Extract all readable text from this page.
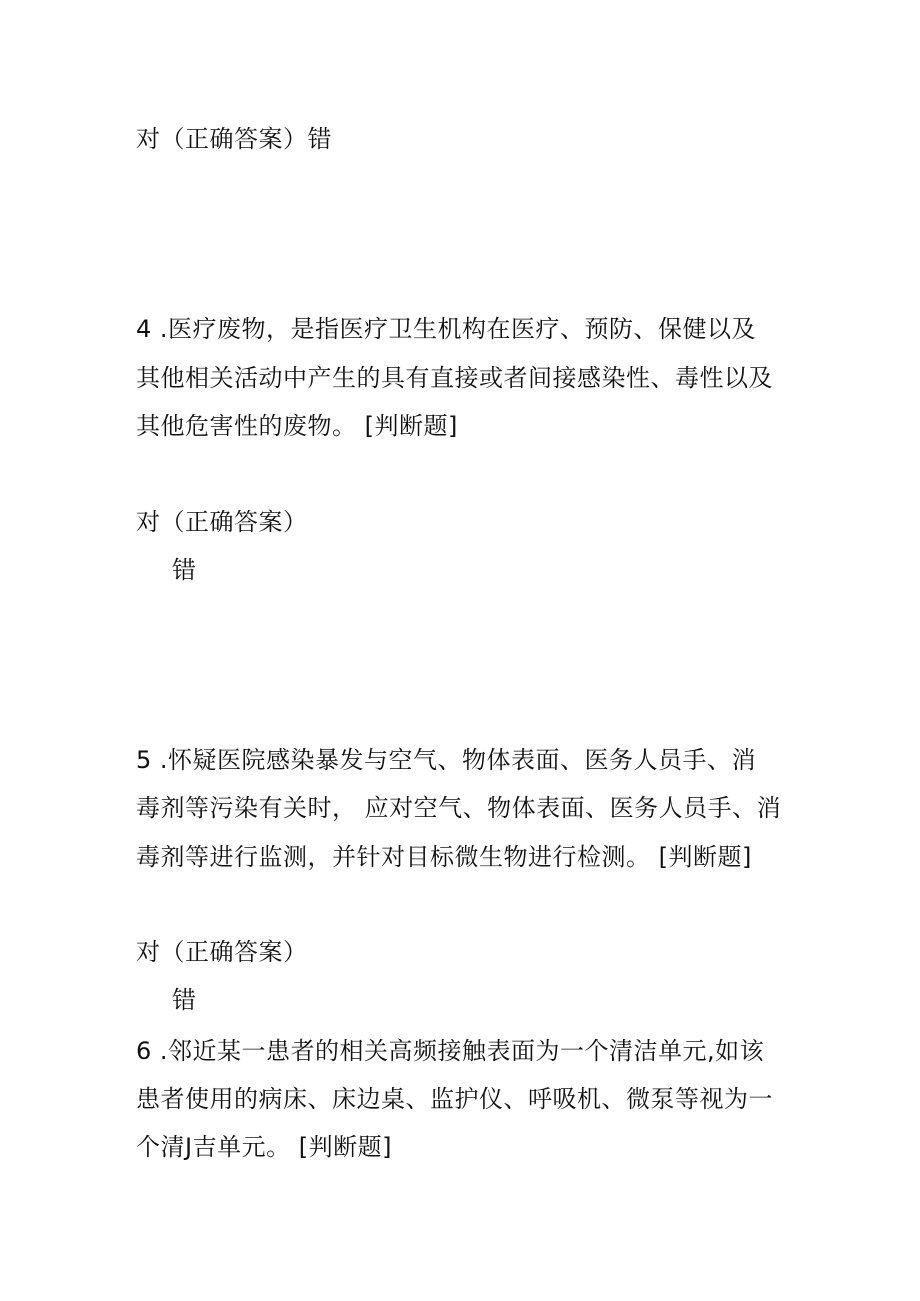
对（正确答案）错
4 .医疗废物，是指医疗卫生机构在医疗、预防、保健以及
其他相关活动中产生的具有直接或者间接感染性、毒性以及
其他危害性的废物。 [判断题]
对（正确答案）
错
5 .怀疑医院感染暴发与空气、物体表面、医务人员手、消
毒剂等污染有关时， 应对空气、物体表面、医务人员手、消
毒剂等进行监测，并针对目标微生物进行检测。 [判断题]
对（正确答案）
错
6 .邻近某一患者的相关高频接触表面为一个清洁单元,如该
患者使用的病床、床边桌、监护仪、呼吸机、微泵等视为一
个清J吉单元。 [判断题]
